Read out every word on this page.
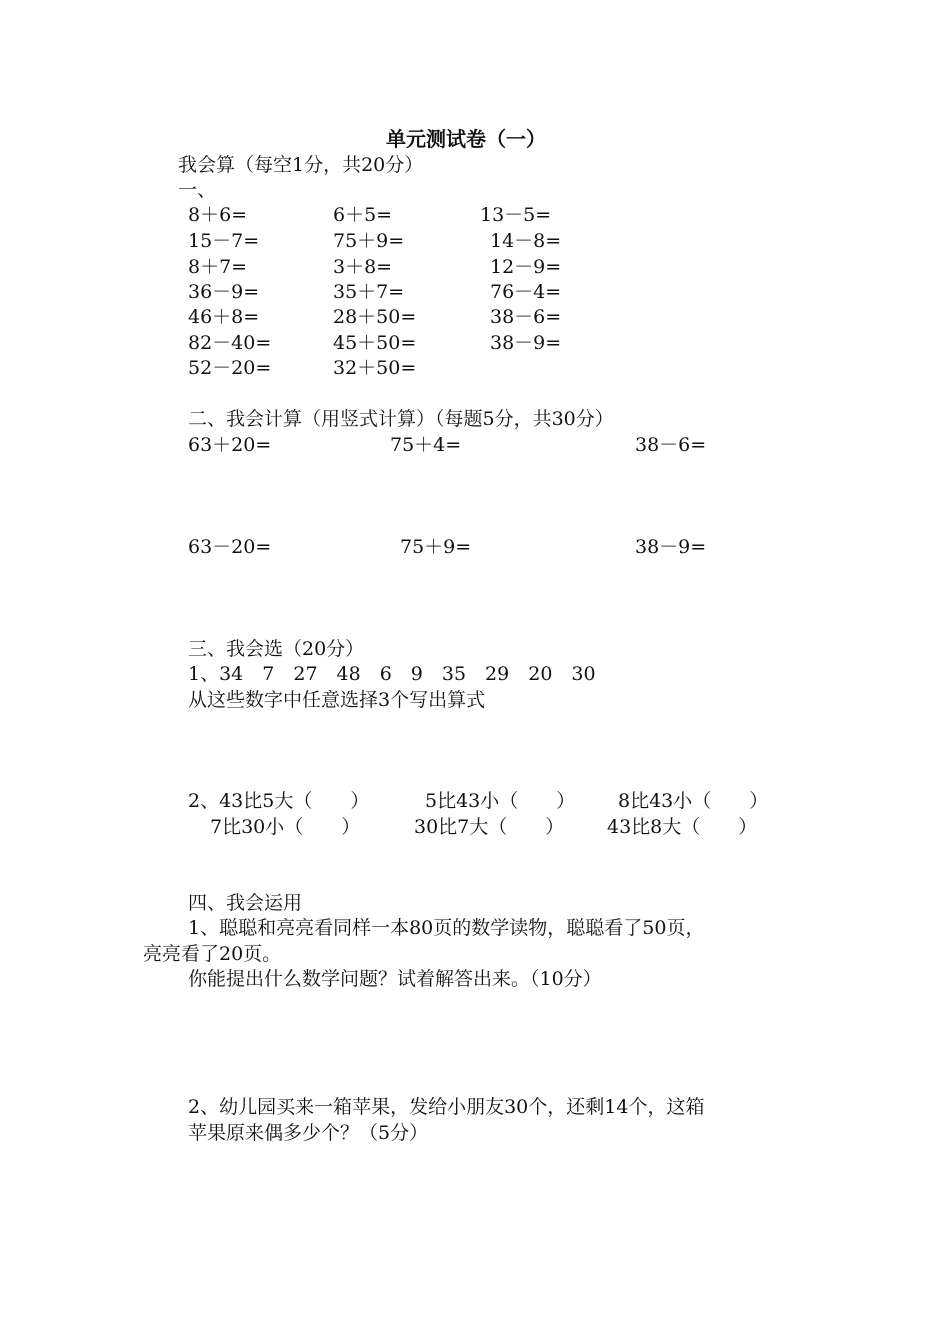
单元测试卷（一）
我会算（每空1分，共20分）
一、
8＋6=	6＋5=	13－5=
15－7=	75＋9=	14－8=
8＋7=	3＋8=	12－9=
36－9=	35＋7=	76－4=
46＋8=	28＋50=	38－6=
82－40=	45＋50=	38－9=
52－20=	32＋50=
二、我会计算（用竖式计算）（每题5分，共30分）
63＋20=	75＋4=	38－6=
63－20=	75＋9=	38－9=
三、我会选（20分）
1、34　7　27　48　6　9　35　29　20　30
从这些数字中任意选择3个写出算式
2、43比5大（　　）	5比43小（　　） 8比43小（　　）
7比30小（　　）	30比7大（　　） 43比8大（　　）
四、我会运用
1、聪聪和亮亮看同样一本80页的数学读物，聪聪看了50页，
亮亮看了20页。
你能提出什么数学问题？试着解答出来。（10分）
2、幼儿园买来一箱苹果，发给小朋友30个，还剩14个，这箱
苹果原来偶多少个？（5分）
